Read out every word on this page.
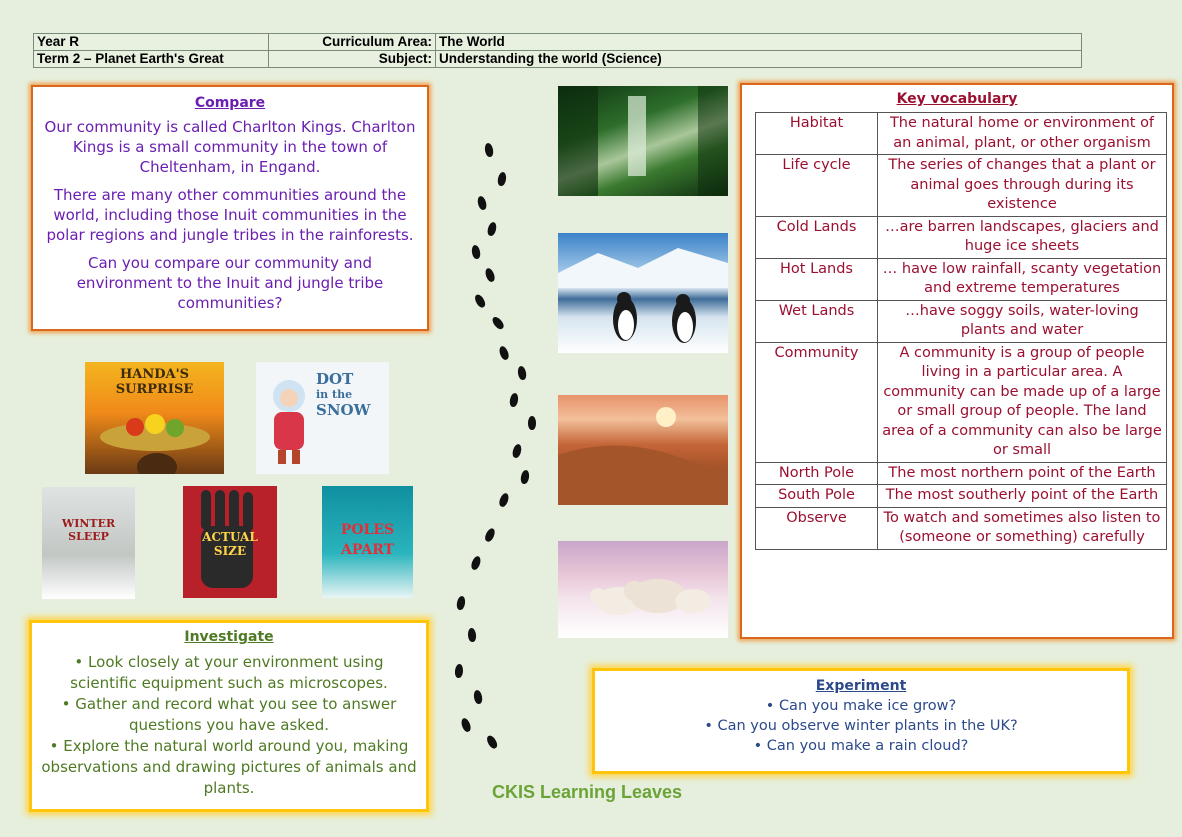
Year R	Curriculum Area:	The World
Term 2 – Planet Earth's Great	Subject:	Understanding the world (Science)
Compare

Our community is called Charlton Kings. Charlton Kings is a small community in the town of Cheltenham, in Engand.

There are many other communities around the world, including those Inuit communities in the polar regions and jungle tribes in the rainforests.

Can you compare our community and environment to the Inuit and jungle tribe communities?

HANDA'S
SURPRISE
DOT
in the
SNOW
WINTER
SLEEP	ACTUAL
SIZE
POLES
APART
Investigate
• Look closely at your environment using scientific equipment such as microscopes.
• Gather and record what you see to answer questions you have asked.
• Explore the natural world around you, making observations and drawing pictures of animals and plants.
Key vocabulary
Habitat	The natural home or environment of an animal, plant, or other organism
Life cycle	The series of changes that a plant or animal goes through during its existence
Cold Lands	…are barren landscapes, glaciers and huge ice sheets
Hot Lands	… have low rainfall, scanty vegetation and extreme temperatures
Wet Lands	…have soggy soils, water-loving plants and water
Community	A community is a group of people living in a particular area. A community can be made up of a large or small group of people. The land area of a community can also be large or small
North Pole	The most northern point of the Earth
South Pole	The most southerly point of the Earth
Observe	To watch and sometimes also listen to (someone or something) carefully
Experiment
• Can you make ice grow?
• Can you observe winter plants in the UK?
• Can you make a rain cloud?
CKIS Learning Leaves
